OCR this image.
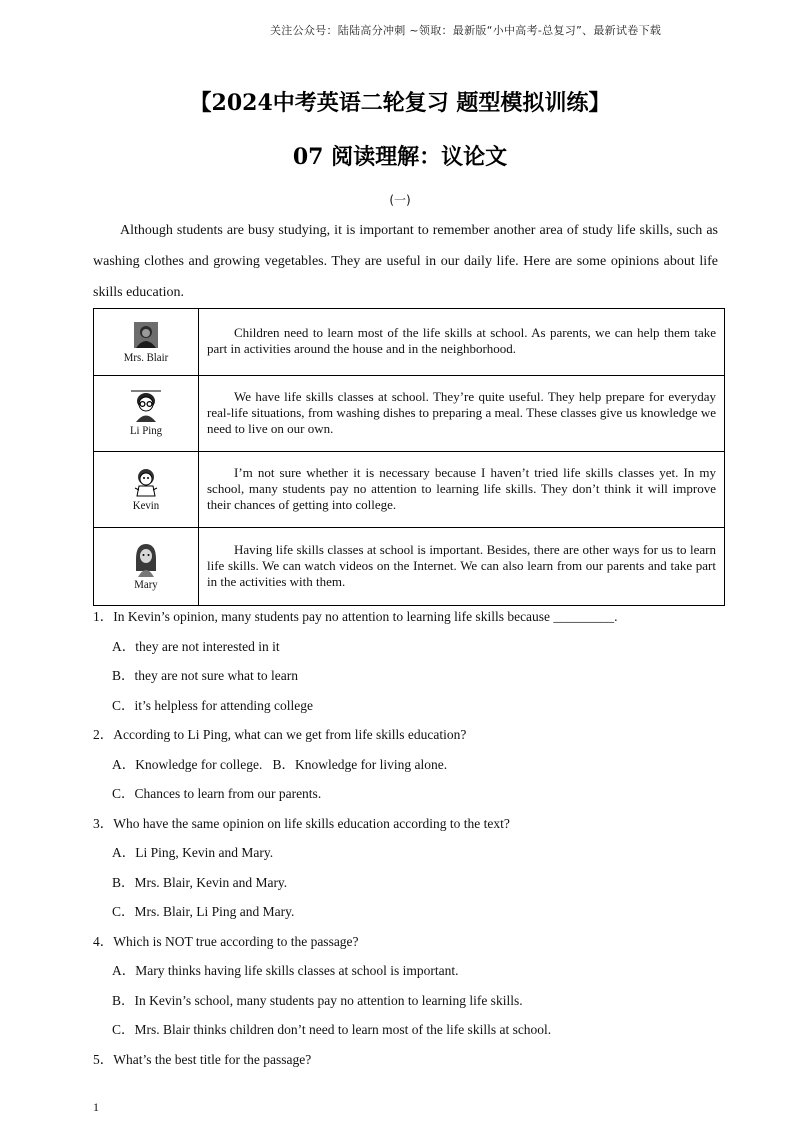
关注公众号：陆陆高分冲刺 ~领取：最新版“小中高考-总复习”、最新试卷下载
【2024中考英语二轮复习 题型模拟训练】
07 阅读理解：议论文
(一)
Although students are busy studying, it is important to remember another area of study life skills, such as washing clothes and growing vegetables. They are useful in our daily life. Here are some opinions about life skills education.
Mrs. Blair	Children need to learn most of the life skills at school. As parents, we can help them take part in activities around the house and in the neighborhood.

Li Ping	We have life skills classes at school. They’re quite useful. They help prepare for everyday real-life situations, from washing dishes to preparing a meal. These classes give us knowledge we need to live on our own.

Kevin	I’m not sure whether it is necessary because I haven’t tried life skills classes yet. In my school, many students pay no attention to learning life skills. They don’t think it will improve their chances of getting into college.

Mary	Having life skills classes at school is important. Besides, there are other ways for us to learn life skills. We can watch videos on the Internet. We can also learn from our parents and take part in the activities with them.

1．In Kevin’s opinion, many students pay no attention to learning life skills because _________.

A．they are not interested in it

B．they are not sure what to learn

C．it’s helpless for attending college

2．According to Li Ping, what can we get from life skills education?

A．Knowledge for college.   B．Knowledge for living alone.

C．Chances to learn from our parents.

3．Who have the same opinion on life skills education according to the text?

A．Li Ping, Kevin and Mary.

B．Mrs. Blair, Kevin and Mary.

C．Mrs. Blair, Li Ping and Mary.

4．Which is NOT true according to the passage?

A．Mary thinks having life skills classes at school is important.

B．In Kevin’s school, many students pay no attention to learning life skills.

C．Mrs. Blair thinks children don’t need to learn most of the life skills at school.

5．What’s the best title for the passage?

1
